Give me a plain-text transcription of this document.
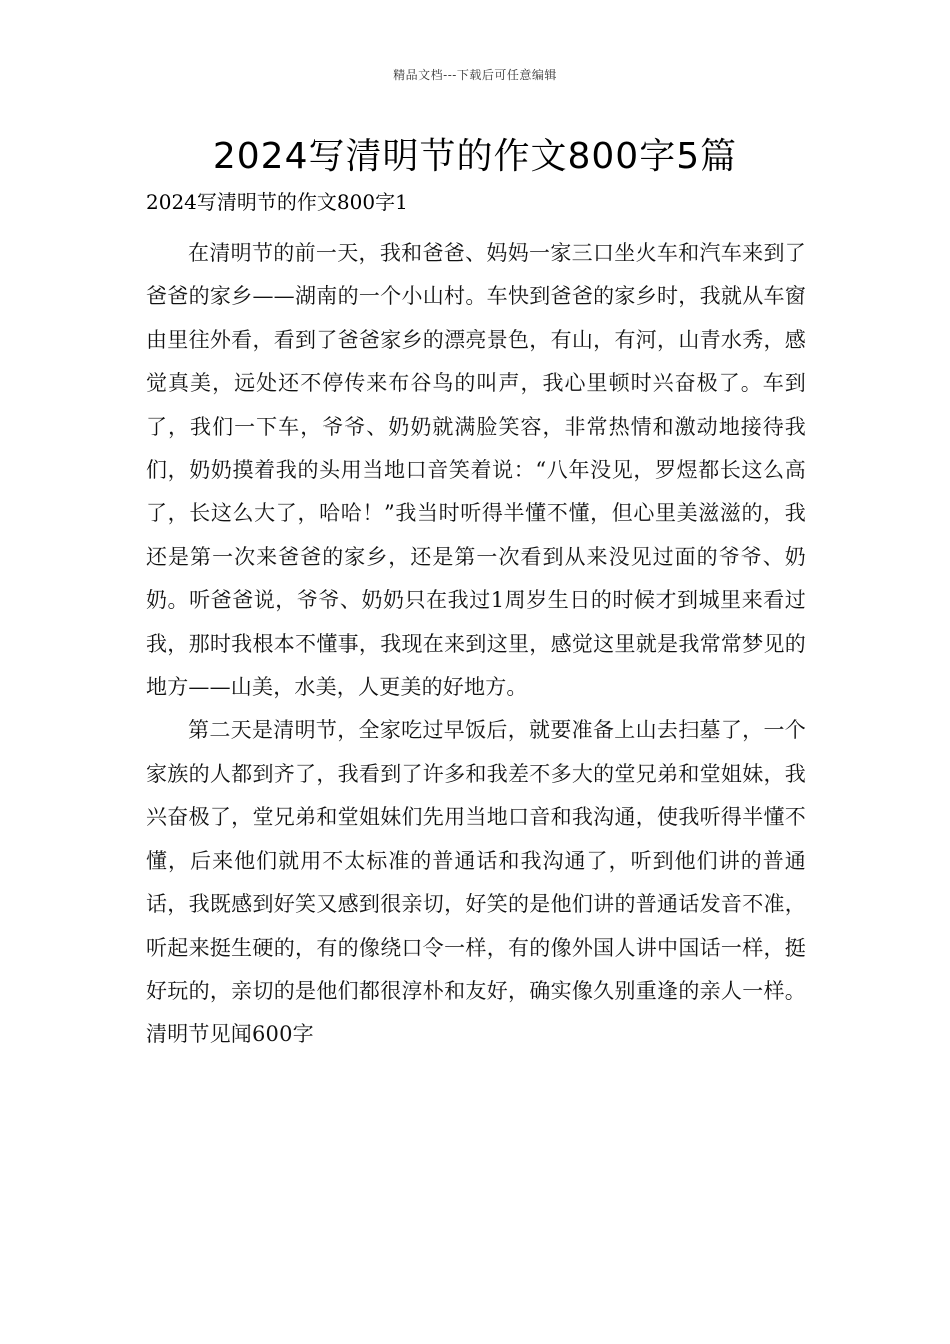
精品文档---下载后可任意编辑
2024写清明节的作文800字5篇
2024写清明节的作文800字1

在清明节的前一天，我和爸爸、妈妈一家三口坐火车和汽车来到了爸爸的家乡——湖南的一个小山村。车快到爸爸的家乡时，我就从车窗由里往外看，看到了爸爸家乡的漂亮景色，有山，有河，山青水秀，感觉真美，远处还不停传来布谷鸟的叫声，我心里顿时兴奋极了。车到了，我们一下车，爷爷、奶奶就满脸笑容，非常热情和激动地接待我们，奶奶摸着我的头用当地口音笑着说：“八年没见，罗煜都长这么高了，长这么大了，哈哈！”我当时听得半懂不懂，但心里美滋滋的，我还是第一次来爸爸的家乡，还是第一次看到从来没见过面的爷爷、奶奶。听爸爸说，爷爷、奶奶只在我过1周岁生日的时候才到城里来看过我，那时我根本不懂事，我现在来到这里，感觉这里就是我常常梦见的地方——山美，水美，人更美的好地方。

第二天是清明节，全家吃过早饭后，就要准备上山去扫墓了，一个家族的人都到齐了，我看到了许多和我差不多大的堂兄弟和堂姐妹，我兴奋极了，堂兄弟和堂姐妹们先用当地口音和我沟通，使我听得半懂不懂，后来他们就用不太标准的普通话和我沟通了，听到他们讲的普通话，我既感到好笑又感到很亲切，好笑的是他们讲的普通话发音不准，听起来挺生硬的，有的像绕口令一样，有的像外国人讲中国话一样，挺好玩的，亲切的是他们都很淳朴和友好，确实像久别重逢的亲人一样。清明节见闻600字
